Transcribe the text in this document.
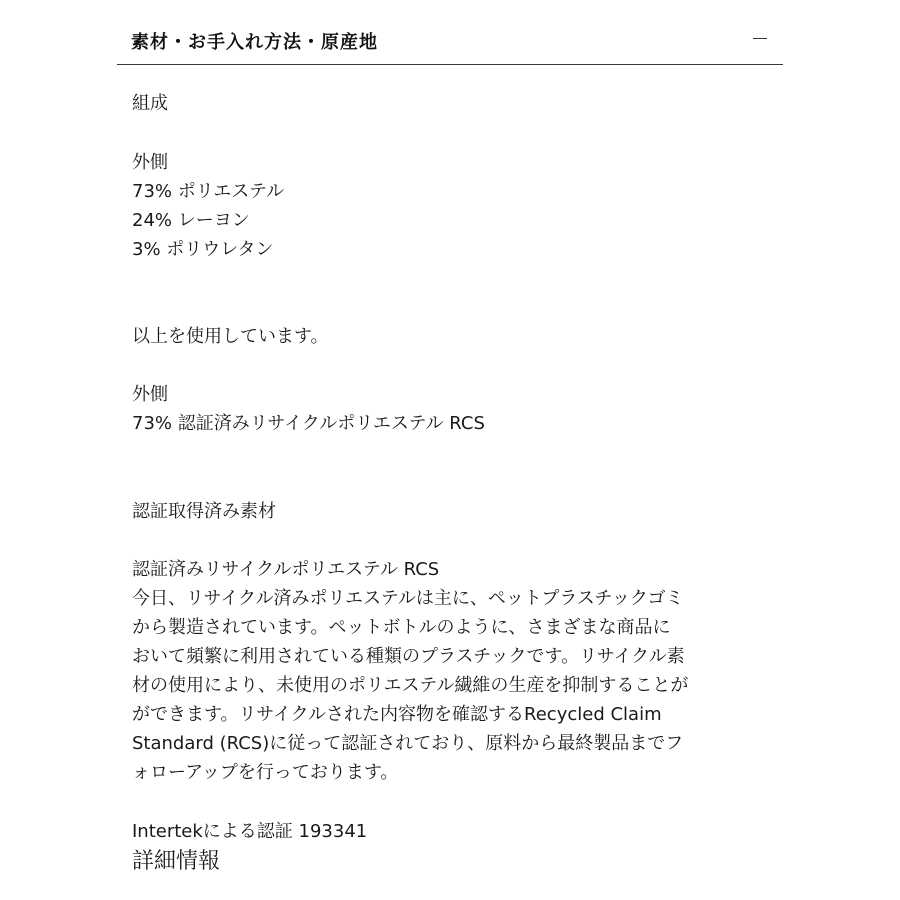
素材・お手入れ方法・原産地
組成
外側
73% ポリエステル
24% レーヨン
3% ポリウレタン
以上を使用しています。
外側
73% 認証済みリサイクルポリエステル RCS
認証取得済み素材
認証済みリサイクルポリエステル RCS
今日、リサイクル済みポリエステルは主に、ペットプラスチックゴミ
から製造されています。ペットボトルのように、さまざまな商品に
おいて頻繁に利用されている種類のプラスチックです。リサイクル素
材の使用により、未使用のポリエステル繊維の生産を抑制することが
ができます。リサイクルされた内容物を確認するRecycled Claim
Standard (RCS)に従って認証されており、原料から最終製品までフ
ォローアップを行っております。
Intertekによる認証 193341
詳細情報
